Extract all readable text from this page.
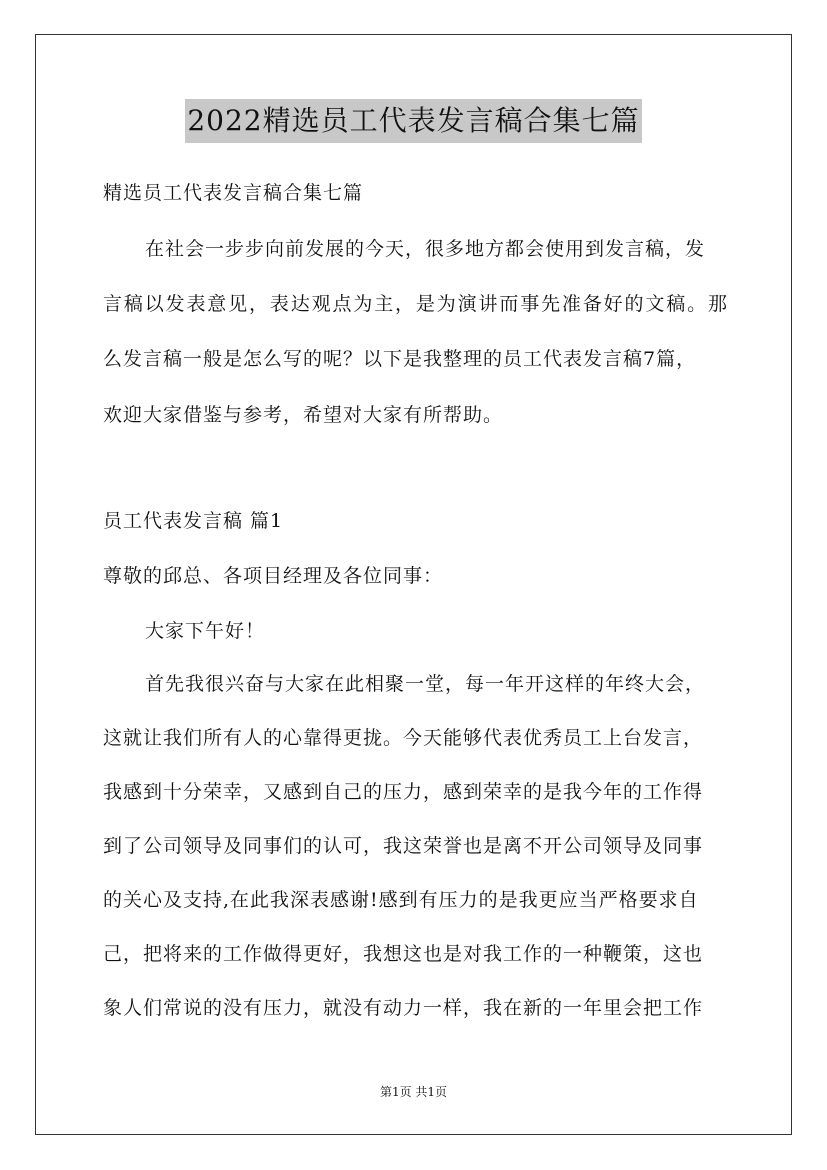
2022精选员工代表发言稿合集七篇
精选员工代表发言稿合集七篇
在社会一步步向前发展的今天，很多地方都会使用到发言稿，发
言稿以发表意见，表达观点为主，是为演讲而事先准备好的文稿。那
么发言稿一般是怎么写的呢？以下是我整理的员工代表发言稿7篇，
欢迎大家借鉴与参考，希望对大家有所帮助。
员工代表发言稿 篇1
尊敬的邱总、各项目经理及各位同事：
大家下午好！
首先我很兴奋与大家在此相聚一堂，每一年开这样的年终大会，
这就让我们所有人的心靠得更拢。今天能够代表优秀员工上台发言，
我感到十分荣幸，又感到自己的压力，感到荣幸的是我今年的工作得
到了公司领导及同事们的认可，我这荣誉也是离不开公司领导及同事
的关心及支持,在此我深表感谢!感到有压力的是我更应当严格要求自
己，把将来的工作做得更好，我想这也是对我工作的一种鞭策，这也
象人们常说的没有压力，就没有动力一样，我在新的一年里会把工作
第1页 共1页
